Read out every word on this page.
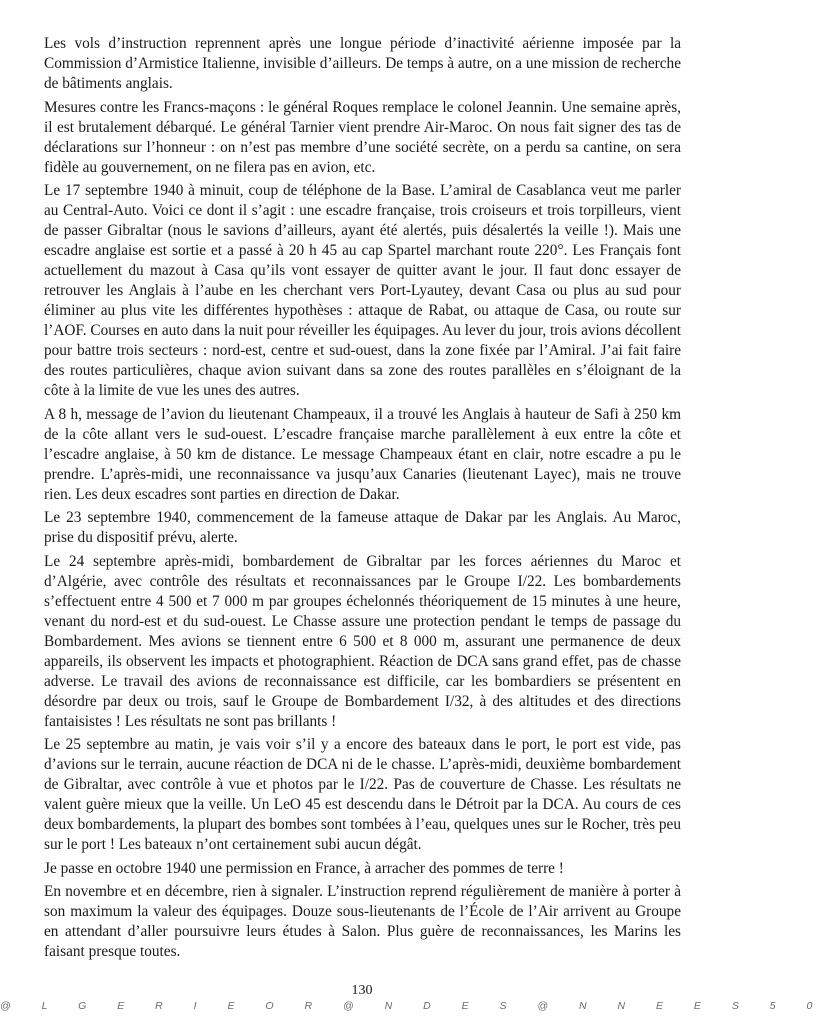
Les vols d’instruction reprennent après une longue période d’inactivité aérienne imposée par la Commission d’Armistice Italienne, invisible d’ailleurs. De temps à autre, on a une mission de recherche de bâtiments anglais.

Mesures contre les Francs-maçons : le général Roques remplace le colonel Jeannin. Une semaine après, il est brutalement débarqué. Le général Tarnier vient prendre Air-Maroc. On nous fait signer des tas de déclarations sur l’honneur : on n’est pas membre d’une société secrète, on a perdu sa cantine, on sera fidèle au gouvernement, on ne filera pas en avion, etc.

Le 17 septembre 1940 à minuit, coup de téléphone de la Base. L’amiral de Casablanca veut me parler au Central-Auto. Voici ce dont il s’agit : une escadre française, trois croiseurs et trois torpilleurs, vient de passer Gibraltar (nous le savions d’ailleurs, ayant été alertés, puis désalertés la veille !). Mais une escadre anglaise est sortie et a passé à 20 h 45 au cap Spartel marchant route 220°. Les Français font actuellement du mazout à Casa qu’ils vont essayer de quitter avant le jour. Il faut donc essayer de retrouver les Anglais à l’aube en les cherchant vers Port-Lyautey, devant Casa ou plus au sud pour éliminer au plus vite les différentes hypothèses : attaque de Rabat, ou attaque de Casa, ou route sur l’AOF. Courses en auto dans la nuit pour réveiller les équipages. Au lever du jour, trois avions décollent pour battre trois secteurs : nord-est, centre et sud-ouest, dans la zone fixée par l’Amiral. J’ai fait faire des routes particulières, chaque avion suivant dans sa zone des routes parallèles en s’éloignant de la côte à la limite de vue les unes des autres.

A 8 h, message de l’avion du lieutenant Champeaux, il a trouvé les Anglais à hauteur de Safi à 250 km de la côte allant vers le sud-ouest. L’escadre française marche parallèlement à eux entre la côte et l’escadre anglaise, à 50 km de distance. Le message Champeaux étant en clair, notre escadre a pu le prendre. L’après-midi, une reconnaissance va jusqu’aux Canaries (lieutenant Layec), mais ne trouve rien. Les deux escadres sont parties en direction de Dakar.

Le 23 septembre 1940, commencement de la fameuse attaque de Dakar par les Anglais. Au Maroc, prise du dispositif prévu, alerte.

Le 24 septembre après-midi, bombardement de Gibraltar par les forces aériennes du Maroc et d’Algérie, avec contrôle des résultats et reconnaissances par le Groupe I/22. Les bombardements s’effectuent entre 4 500 et 7 000 m par groupes échelonnés théoriquement de 15 minutes à une heure, venant du nord-est et du sud-ouest. Le Chasse assure une protection pendant le temps de passage du Bombardement. Mes avions se tiennent entre 6 500 et 8 000 m, assurant une permanence de deux appareils, ils observent les impacts et photographient. Réaction de DCA sans grand effet, pas de chasse adverse. Le travail des avions de reconnaissance est difficile, car les bombardiers se présentent en désordre par deux ou trois, sauf le Groupe de Bombardement I/32, à des altitudes et des directions fantaisistes ! Les résultats ne sont pas brillants !

Le 25 septembre au matin, je vais voir s’il y a encore des bateaux dans le port, le port est vide, pas d’avions sur le terrain, aucune réaction de DCA ni de le chasse. L’après-midi, deuxième bombardement de Gibraltar, avec contrôle à vue et photos par le I/22. Pas de couverture de Chasse. Les résultats ne valent guère mieux que la veille. Un LeO 45 est descendu dans le Détroit par la DCA. Au cours de ces deux bombardements, la plupart des bombes sont tombées à l’eau, quelques unes sur le Rocher, très peu sur le port ! Les bateaux n’ont certainement subi aucun dégât.

Je passe en octobre 1940 une permission en France, à arracher des pommes de terre !

En novembre et en décembre, rien à signaler. L’instruction reprend régulièrement de manière à porter à son maximum la valeur des équipages. Douze sous-lieutenants de l’École de l’Air arrivent au Groupe en attendant d’aller poursuivre leurs études à Salon. Plus guère de reconnaissances, les Marins les faisant presque toutes.

130
@ L G E R I E O R @ N D E S @ N N E E S 5 0
